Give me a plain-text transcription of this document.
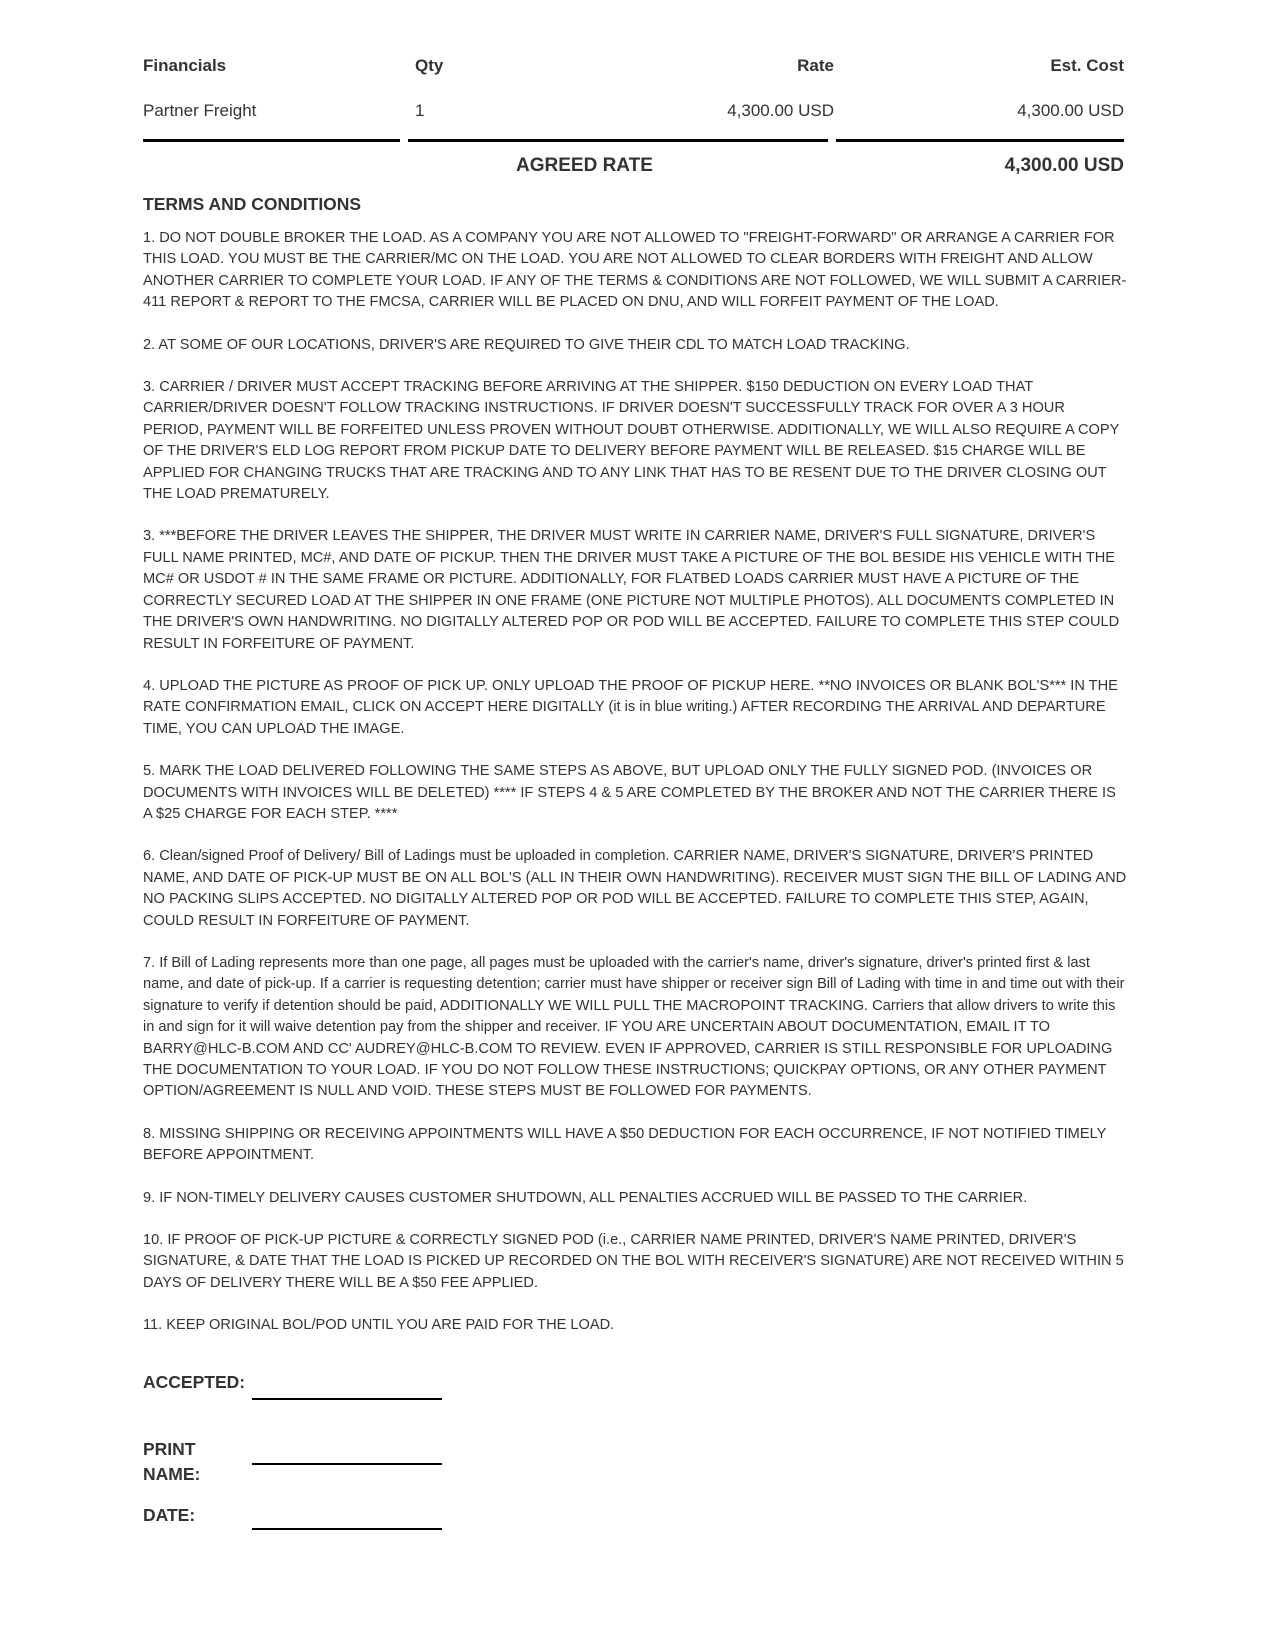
Financials	Qty	Rate	Est. Cost
Partner Freight	1	4,300.00 USD	4,300.00 USD
AGREED RATE	4,300.00 USD
TERMS AND CONDITIONS

1. DO NOT DOUBLE BROKER THE LOAD. AS A COMPANY YOU ARE NOT ALLOWED TO "FREIGHT-FORWARD" OR ARRANGE A CARRIER FOR THIS LOAD. YOU MUST BE THE CARRIER/MC ON THE LOAD. YOU ARE NOT ALLOWED TO CLEAR BORDERS WITH FREIGHT AND ALLOW ANOTHER CARRIER TO COMPLETE YOUR LOAD. IF ANY OF THE TERMS & CONDITIONS ARE NOT FOLLOWED, WE WILL SUBMIT A CARRIER-411 REPORT & REPORT TO THE FMCSA, CARRIER WILL BE PLACED ON DNU, AND WILL FORFEIT PAYMENT OF THE LOAD.

2. AT SOME OF OUR LOCATIONS, DRIVER'S ARE REQUIRED TO GIVE THEIR CDL TO MATCH LOAD TRACKING.

3. CARRIER / DRIVER MUST ACCEPT TRACKING BEFORE ARRIVING AT THE SHIPPER. $150 DEDUCTION ON EVERY LOAD THAT CARRIER/DRIVER DOESN'T FOLLOW TRACKING INSTRUCTIONS. IF DRIVER DOESN'T SUCCESSFULLY TRACK FOR OVER A 3 HOUR PERIOD, PAYMENT WILL BE FORFEITED UNLESS PROVEN WITHOUT DOUBT OTHERWISE. ADDITIONALLY, WE WILL ALSO REQUIRE A COPY OF THE DRIVER'S ELD LOG REPORT FROM PICKUP DATE TO DELIVERY BEFORE PAYMENT WILL BE RELEASED. $15 CHARGE WILL BE APPLIED FOR CHANGING TRUCKS THAT ARE TRACKING AND TO ANY LINK THAT HAS TO BE RESENT DUE TO THE DRIVER CLOSING OUT THE LOAD PREMATURELY.

3. ***BEFORE THE DRIVER LEAVES THE SHIPPER, THE DRIVER MUST WRITE IN CARRIER NAME, DRIVER'S FULL SIGNATURE, DRIVER'S FULL NAME PRINTED, MC#, AND DATE OF PICKUP. THEN THE DRIVER MUST TAKE A PICTURE OF THE BOL BESIDE HIS VEHICLE WITH THE MC# OR USDOT # IN THE SAME FRAME OR PICTURE. ADDITIONALLY, FOR FLATBED LOADS CARRIER MUST HAVE A PICTURE OF THE CORRECTLY SECURED LOAD AT THE SHIPPER IN ONE FRAME (ONE PICTURE NOT MULTIPLE PHOTOS). ALL DOCUMENTS COMPLETED IN THE DRIVER'S OWN HANDWRITING. NO DIGITALLY ALTERED POP OR POD WILL BE ACCEPTED. FAILURE TO COMPLETE THIS STEP COULD RESULT IN FORFEITURE OF PAYMENT.

4. UPLOAD THE PICTURE AS PROOF OF PICK UP. ONLY UPLOAD THE PROOF OF PICKUP HERE. **NO INVOICES OR BLANK BOL'S*** IN THE RATE CONFIRMATION EMAIL, CLICK ON ACCEPT HERE DIGITALLY (it is in blue writing.) AFTER RECORDING THE ARRIVAL AND DEPARTURE TIME, YOU CAN UPLOAD THE IMAGE.

5. MARK THE LOAD DELIVERED FOLLOWING THE SAME STEPS AS ABOVE, BUT UPLOAD ONLY THE FULLY SIGNED POD. (INVOICES OR DOCUMENTS WITH INVOICES WILL BE DELETED) **** IF STEPS 4 & 5 ARE COMPLETED BY THE BROKER AND NOT THE CARRIER THERE IS A $25 CHARGE FOR EACH STEP. ****

6. Clean/signed Proof of Delivery/ Bill of Ladings must be uploaded in completion. CARRIER NAME, DRIVER'S SIGNATURE, DRIVER'S PRINTED NAME, AND DATE OF PICK-UP MUST BE ON ALL BOL'S (ALL IN THEIR OWN HANDWRITING). RECEIVER MUST SIGN THE BILL OF LADING AND NO PACKING SLIPS ACCEPTED. NO DIGITALLY ALTERED POP OR POD WILL BE ACCEPTED. FAILURE TO COMPLETE THIS STEP, AGAIN, COULD RESULT IN FORFEITURE OF PAYMENT.

7. If Bill of Lading represents more than one page, all pages must be uploaded with the carrier's name, driver's signature, driver's printed first & last name, and date of pick-up. If a carrier is requesting detention; carrier must have shipper or receiver sign Bill of Lading with time in and time out with their signature to verify if detention should be paid, ADDITIONALLY WE WILL PULL THE MACROPOINT TRACKING. Carriers that allow drivers to write this in and sign for it will waive detention pay from the shipper and receiver. IF YOU ARE UNCERTAIN ABOUT DOCUMENTATION, EMAIL IT TO BARRY@HLC-B.COM AND CC' AUDREY@HLC-B.COM TO REVIEW. EVEN IF APPROVED, CARRIER IS STILL RESPONSIBLE FOR UPLOADING THE DOCUMENTATION TO YOUR LOAD. IF YOU DO NOT FOLLOW THESE INSTRUCTIONS; QUICKPAY OPTIONS, OR ANY OTHER PAYMENT OPTION/AGREEMENT IS NULL AND VOID. THESE STEPS MUST BE FOLLOWED FOR PAYMENTS.

8. MISSING SHIPPING OR RECEIVING APPOINTMENTS WILL HAVE A $50 DEDUCTION FOR EACH OCCURRENCE, IF NOT NOTIFIED TIMELY BEFORE APPOINTMENT.

9. IF NON-TIMELY DELIVERY CAUSES CUSTOMER SHUTDOWN, ALL PENALTIES ACCRUED WILL BE PASSED TO THE CARRIER.

10. IF PROOF OF PICK-UP PICTURE & CORRECTLY SIGNED POD (i.e., CARRIER NAME PRINTED, DRIVER'S NAME PRINTED, DRIVER'S SIGNATURE, & DATE THAT THE LOAD IS PICKED UP RECORDED ON THE BOL WITH RECEIVER'S SIGNATURE) ARE NOT RECEIVED WITHIN 5 DAYS OF DELIVERY THERE WILL BE A $50 FEE APPLIED.

11. KEEP ORIGINAL BOL/POD UNTIL YOU ARE PAID FOR THE LOAD.

ACCEPTED:
PRINT
NAME:
DATE:
